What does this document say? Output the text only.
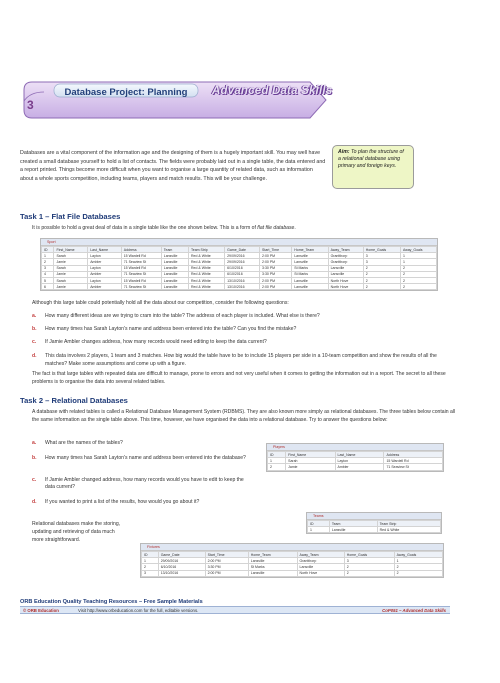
3
Database Project: Planning Advanced Data Skills
Databases are a vital component of the information age and the designing of them is a hugely important skill. You may well have created a small database yourself to hold a list of contacts. The fields were probably laid out in a single table, the data entered and a report printed. Things become more difficult when you want to organise a large quantity of related data, such as information about a whole sports competition, including teams, players and match results. This will be your challenge.
Aim: To plan the structure of a relational database using primary and foreign keys.
Task 1 – Flat File Databases
It is possible to hold a great deal of data in a single table like the one shown below. This is a form of flat file database.
Sport
ID	First_Name	Last_Name	Address	Team	Team Strip	Game_Date	Start_Time	Home_Team	Away_Team	Home_Goals	Away_Goals
1	Sarah	Layton	15 Wardell Rd	Lansville	Red & White	29/09/2016	2:00 PM	Lansville	Grantthorp	3	1
2	Jamie	Ambler	71 Seaview St	Lansville	Red & White	29/09/2016	2:00 PM	Lansville	Grantthorp	3	1
3	Sarah	Layton	15 Wardell Rd	Lansville	Red & White	6/10/2016	3:30 PM	St Marks	Lansville	2	2
4	Jamie	Ambler	71 Seaview St	Lansville	Red & White	6/10/2016	3:30 PM	St Marks	Lansville	2	2
5	Sarah	Layton	15 Wardell Rd	Lansville	Red & White	13/10/2016	2:00 PM	Lansville	North Hove	2	2
6	Jamie	Ambler	71 Seaview St	Lansville	Red & White	13/10/2016	2:00 PM	Lansville	North Hove	2	2
Although this large table could potentially hold all the data about our competition, consider the following questions:
a. How many different ideas are we trying to cram into the table? The address of each player is included. What else is there?
b. How many times has Sarah Layton's name and address been entered into the table? Can you find the mistake?
c. If Jamie Ambler changes address, how many records would need editing to keep the data current?
d. This data involves 2 players, 1 team and 3 matches. How big would the table have to be to include 15 players per side in a 10-team competition and show the results of all the matches? Make some assumptions and come up with a figure.
The fact is that large tables with repeated data are difficult to manage, prone to errors and not very useful when it comes to getting the information out in a report. The secret to all these problems is to organise the data into several related tables.
Task 2 – Relational Databases
A database with related tables is called a Relational Database Management System (RDBMS). They are also known more simply as relational databases. The three tables below contain all the same information as the single table above. This time, however, we have organised the data into a relational database. Try to answer the questions below:
a. What are the names of the tables?
b. How many times has Sarah Layton's name and address been entered into the database?
c. If Jamie Ambler changed address, how many records would you have to edit to keep the data current?
d. If you wanted to print a list of the results, how would you go about it?
Relational databases make the storing, updating and retrieving of data much more straightforward.
Players
ID	First_Name	Last_Name	Address
1	Sarah	Layton	15 Wardell Rd
2	Jamie	Ambler	71 Seaview St
Teams
ID	Team	Team Strip
1	Lansville	Red & White
Fixtures
ID	Game_Date	Start_Time	Home_Team	Away_Team	Home_Goals	Away_Goals
1	29/09/2016	2:00 PM	Lansville	Grantthorp	3	1
2	6/10/2016	3:30 PM	St Marks	Lansville	2	2
3	13/10/2016	2:00 PM	Lansville	North Hove	2	2
ORB Education Quality Teaching Resources – Free Sample Materials
© ORB Education	Visit http://www.orbeducation.com for the full, editable versions.	CoP051 – Advanced Data Skills
